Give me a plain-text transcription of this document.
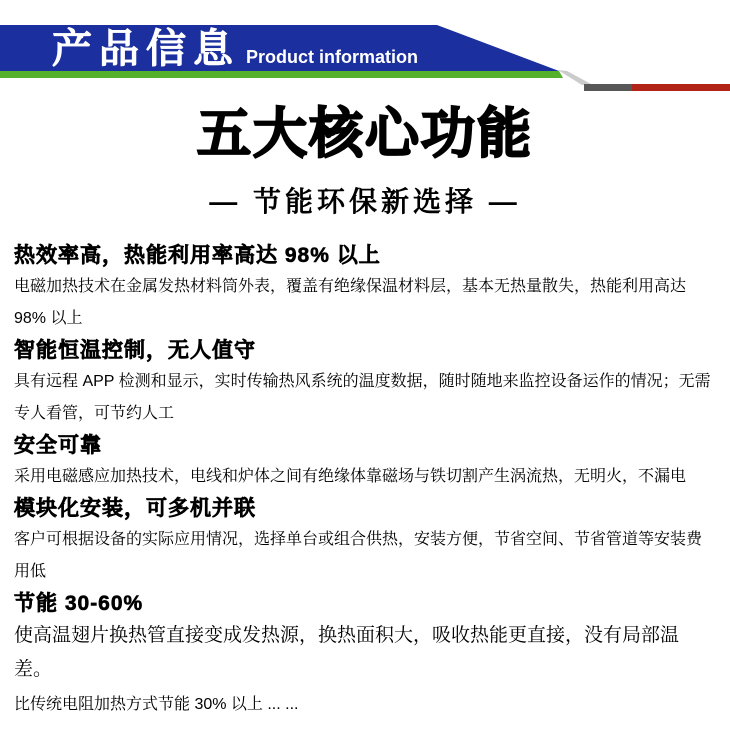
产品信息 Product information
五大核心功能
— 节能环保新选择 —
热效率高，热能利用率高达 98% 以上

电磁加热技术在金属发热材料筒外表，覆盖有绝缘保温材料层，基本无热量散失，热能利用高达 98% 以上

智能恒温控制，无人值守

具有远程 APP 检测和显示，实时传输热风系统的温度数据，随时随地来监控设备运作的情况；无需专人看管，可节约人工

安全可靠

采用电磁感应加热技术，电线和炉体之间有绝缘体靠磁场与铁切割产生涡流热，无明火，不漏电

模块化安装，可多机并联

客户可根据设备的实际应用情况，选择单台或组合供热，安装方便，节省空间、节省管道等安装费用低

节能 30-60%

使高温翅片换热管直接变成发热源，换热面积大，吸收热能更直接，没有局部温差。

比传统电阻加热方式节能 30% 以上 ... ...
